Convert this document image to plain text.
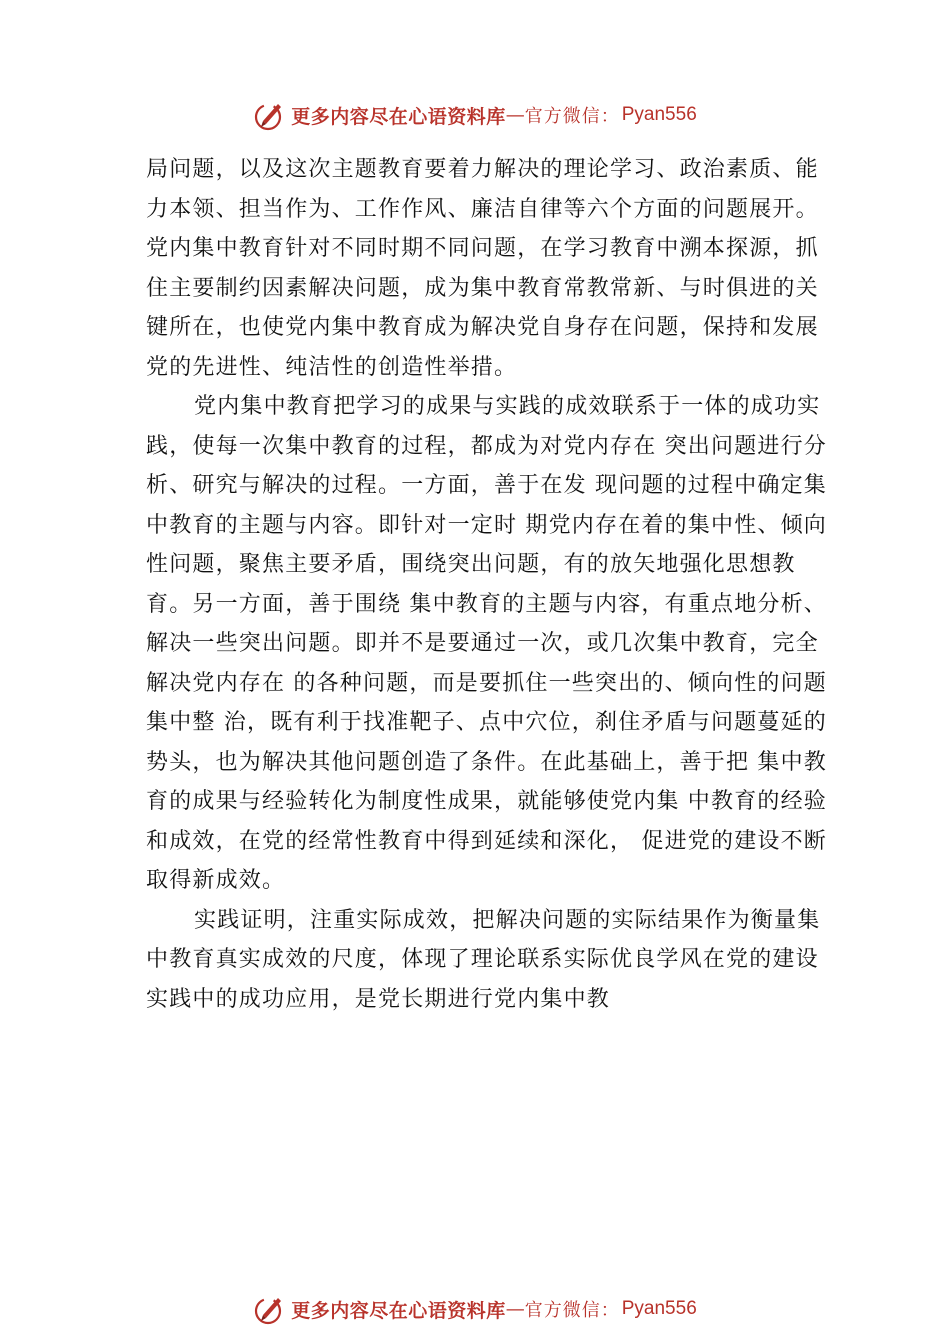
更多内容尽在心语资料库 — 官方微信： Pyan556

局问题，以及这次主题教育要着力解决的理论学习、政治素质、能力本领、担当作为、工作作风、廉洁自律等六个方面的问题展开。党内集中教育针对不同时期不同问题，在学习教育中溯本探源，抓住主要制约因素解决问题，成为集中教育常教常新、与时俱进的关键所在，也使党内集中教育成为解决党自身存在问题，保持和发展党的先进性、纯洁性的创造性举措。

党内集中教育把学习的成果与实践的成效联系于一体的成功实践，使每一次集中教育的过程，都成为对党内存在 突出问题进行分析、研究与解决的过程。一方面，善于在发 现问题的过程中确定集中教育的主题与内容。即针对一定时 期党内存在着的集中性、倾向性问题，聚焦主要矛盾，围绕突出问题，有的放矢地强化思想教育。另一方面，善于围绕 集中教育的主题与内容，有重点地分析、解决一些突出问题。即并不是要通过一次，或几次集中教育，完全解决党内存在 的各种问题，而是要抓住一些突出的、倾向性的问题集中整 治，既有利于找准靶子、点中穴位，刹住矛盾与问题蔓延的 势头，也为解决其他问题创造了条件。在此基础上，善于把 集中教育的成果与经验转化为制度性成果，就能够使党内集 中教育的经验和成效，在党的经常性教育中得到延续和深化， 促进党的建设不断取得新成效。

实践证明，注重实际成效，把解决问题的实际结果作为衡量集中教育真实成效的尺度，体现了理论联系实际优良学风在党的建设实践中的成功应用，是党长期进行党内集中教

更多内容尽在心语资料库 — 官方微信： Pyan556
